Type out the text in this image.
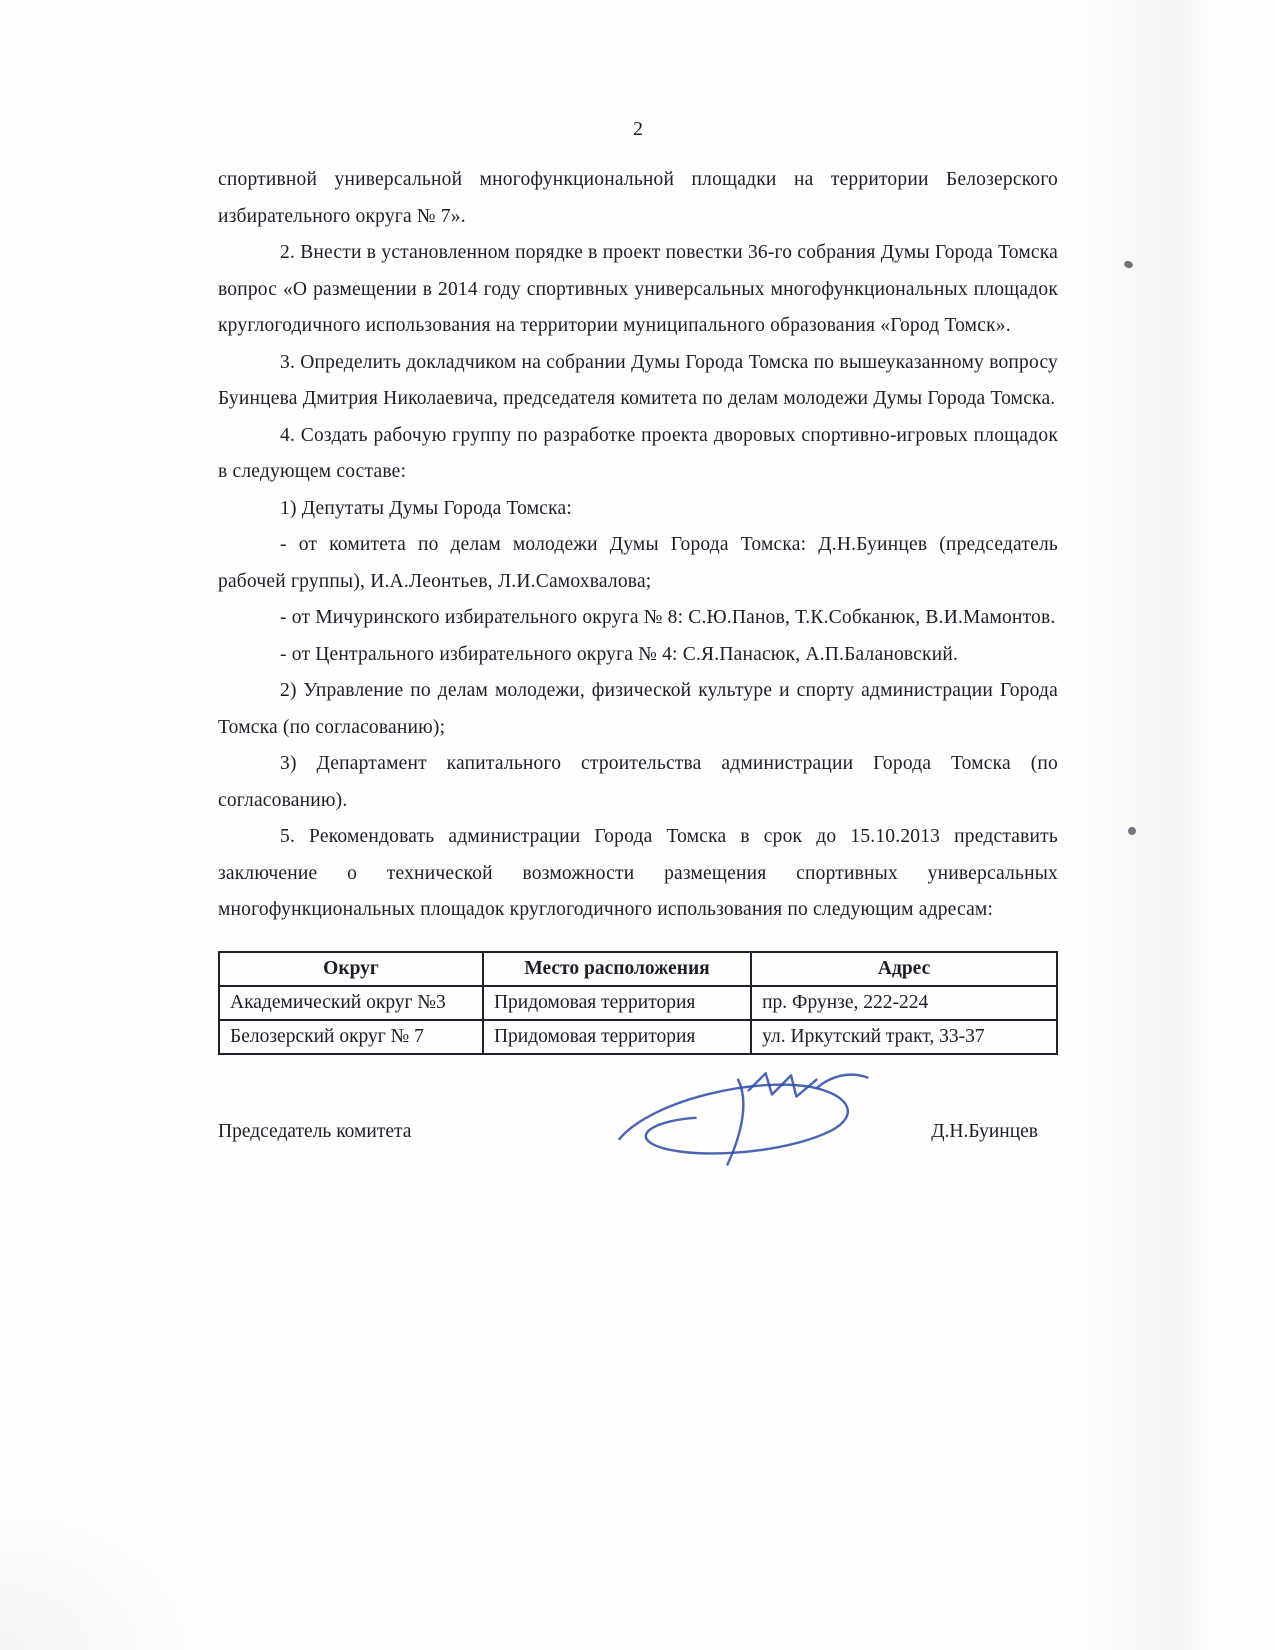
2

спортивной универсальной многофункциональной площадки на территории Белозерского избирательного округа № 7».

2. Внести в установленном порядке в проект повестки 36-го собрания Думы Города Томска вопрос «О размещении в 2014 году спортивных универсальных многофункциональных площадок круглогодичного использования на территории муниципального образования «Город Томск».

3. Определить докладчиком на собрании Думы Города Томска по вышеуказанному вопросу Буинцева Дмитрия Николаевича, председателя комитета по делам молодежи Думы Города Томска.

4. Создать рабочую группу по разработке проекта дворовых спортивно-игровых площадок в следующем составе:

1) Депутаты Думы Города Томска:

- от комитета по делам молодежи Думы Города Томска: Д.Н.Буинцев (председатель рабочей группы), И.А.Леонтьев, Л.И.Самохвалова;

- от Мичуринского избирательного округа № 8: С.Ю.Панов, Т.К.Собканюк, В.И.Мамонтов.

- от Центрального избирательного округа № 4: С.Я.Панасюк, А.П.Балановский.

2) Управление по делам молодежи, физической культуре и спорту администрации Города Томска (по согласованию);

3) Департамент капитального строительства администрации Города Томска (по согласованию).

5. Рекомендовать администрации Города Томска в срок до 15.10.2013 представить заключение о технической возможности размещения спортивных универсальных многофункциональных площадок круглогодичного использования по следующим адресам:

Округ	Место расположения	Адрес
Академический округ №3	Придомовая территория	пр. Фрунзе, 222-224
Белозерский округ № 7	Придомовая территория	ул. Иркутский тракт, 33-37
Председатель комитета	Д.Н.Буинцев
